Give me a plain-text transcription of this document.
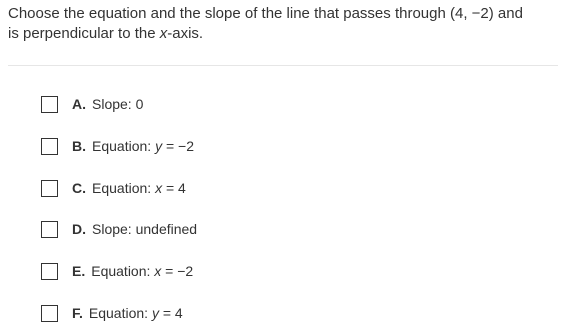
Choose the equation and the slope of the line that passes through (4, −2) and
is perpendicular to the x-axis.
A. Slope: 0
B. Equation: y = −2
C. Equation: x = 4
D. Slope: undefined
E. Equation: x = −2
F. Equation: y = 4
